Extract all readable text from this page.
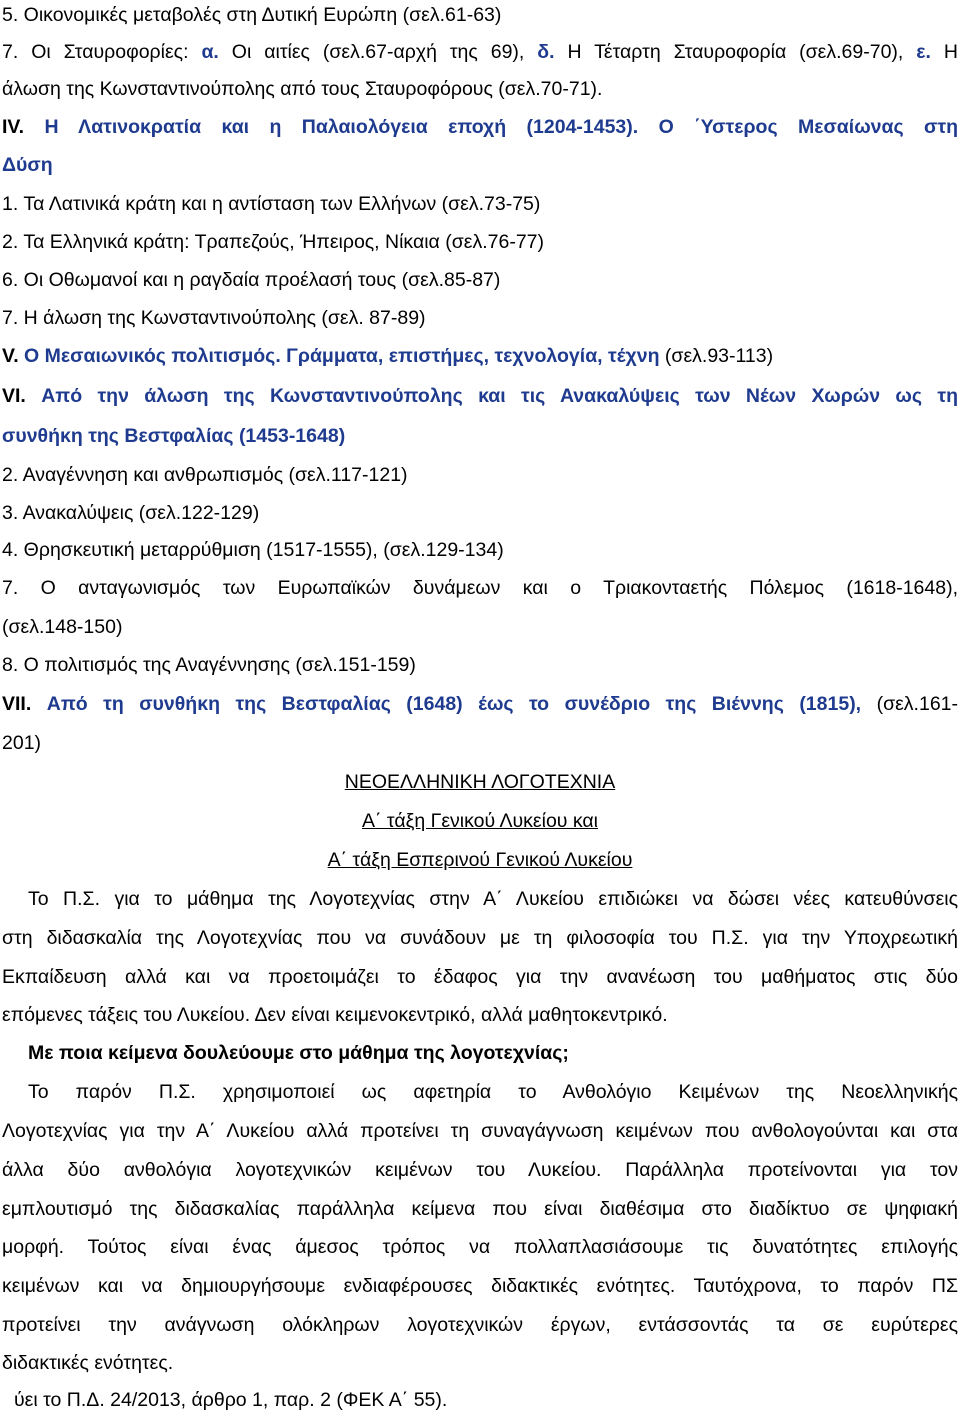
5. Οικονομικές μεταβολές στη Δυτική Ευρώπη (σελ.61-63)
7. Οι Σταυροφορίες: α. Οι αιτίες (σελ.67-αρχή της 69), δ. Η Τέταρτη Σταυροφορία (σελ.69-70), ε. Η
άλωση της Κωνσταντινούπολης από τους Σταυροφόρους (σελ.70-71).
IV. Η Λατινοκρατία και η Παλαιολόγεια εποχή (1204-1453). Ο ΄Υστερος Μεσαίωνας στη
Δύση
1. Τα Λατινικά κράτη και η αντίσταση των Ελλήνων (σελ.73-75)
2. Τα Ελληνικά κράτη: Τραπεζούς, Ήπειρος, Νίκαια (σελ.76-77)
6. Οι Οθωμανοί και η ραγδαία προέλασή τους (σελ.85-87)
7. Η άλωση της Κωνσταντινούπολης (σελ. 87-89)
V. Ο Μεσαιωνικός πολιτισμός. Γράμματα, επιστήμες, τεχνολογία, τέχνη (σελ.93-113)
VI. Από την άλωση της Κωνσταντινούπολης και τις Ανακαλύψεις των Νέων Χωρών ως τη
συνθήκη της Βεστφαλίας (1453-1648)
2. Αναγέννηση και ανθρωπισμός (σελ.117-121)
3. Ανακαλύψεις (σελ.122-129)
4. Θρησκευτική μεταρρύθμιση (1517-1555), (σελ.129-134)
7. Ο ανταγωνισμός των Ευρωπαϊκών δυνάμεων και ο Τριακονταετής Πόλεμος (1618-1648),
(σελ.148-150)
8. Ο πολιτισμός της Αναγέννησης (σελ.151-159)
VII. Από τη συνθήκη της Βεστφαλίας (1648) έως το συνέδριο της Βιέννης (1815), (σελ.161-
201)
ΝΕΟΕΛΛΗΝΙΚΗ ΛΟΓΟΤΕΧΝΙΑ
Α΄ τάξη Γενικού Λυκείου και
Α΄ τάξη Εσπερινού Γενικού Λυκείου
Το Π.Σ. για το μάθημα της Λογοτεχνίας στην Α΄ Λυκείου επιδιώκει να δώσει νέες κατευθύνσεις
στη διδασκαλία της Λογοτεχνίας που να συνάδουν με τη φιλοσοφία του Π.Σ. για την Υποχρεωτική
Εκπαίδευση αλλά και να προετοιμάζει το έδαφος για την ανανέωση του μαθήματος στις δύο
επόμενες τάξεις του Λυκείου. Δεν είναι κειμενοκεντρικό, αλλά μαθητοκεντρικό.
Με ποια κείμενα δουλεύουμε στο μάθημα της λογοτεχνίας;
Το παρόν Π.Σ. χρησιμοποιεί ως αφετηρία το Ανθολόγιο Κειμένων της Νεοελληνικής
Λογοτεχνίας για την Α΄ Λυκείου αλλά προτείνει τη συναγάγνωση κειμένων που ανθολογούνται και στα
άλλα δύο ανθολόγια λογοτεχνικών κειμένων του Λυκείου. Παράλληλα προτείνονται για τον
εμπλουτισμό της διδασκαλίας παράλληλα κείμενα που είναι διαθέσιμα στο διαδίκτυο σε ψηφιακή
μορφή. Τούτος είναι ένας άμεσος τρόπος να πολλαπλασιάσουμε τις δυνατότητες επιλογής
κειμένων και να δημιουργήσουμε ενδιαφέρουσες διδακτικές ενότητες. Ταυτόχρονα, το παρόν ΠΣ
προτείνει την ανάγνωση ολόκληρων λογοτεχνικών έργων, εντάσσοντάς τα σε ευρύτερες
διδακτικές ενότητες.
ύει το Π.Δ. 24/2013, άρθρο 1, παρ. 2 (ΦΕΚ Α΄ 55).
